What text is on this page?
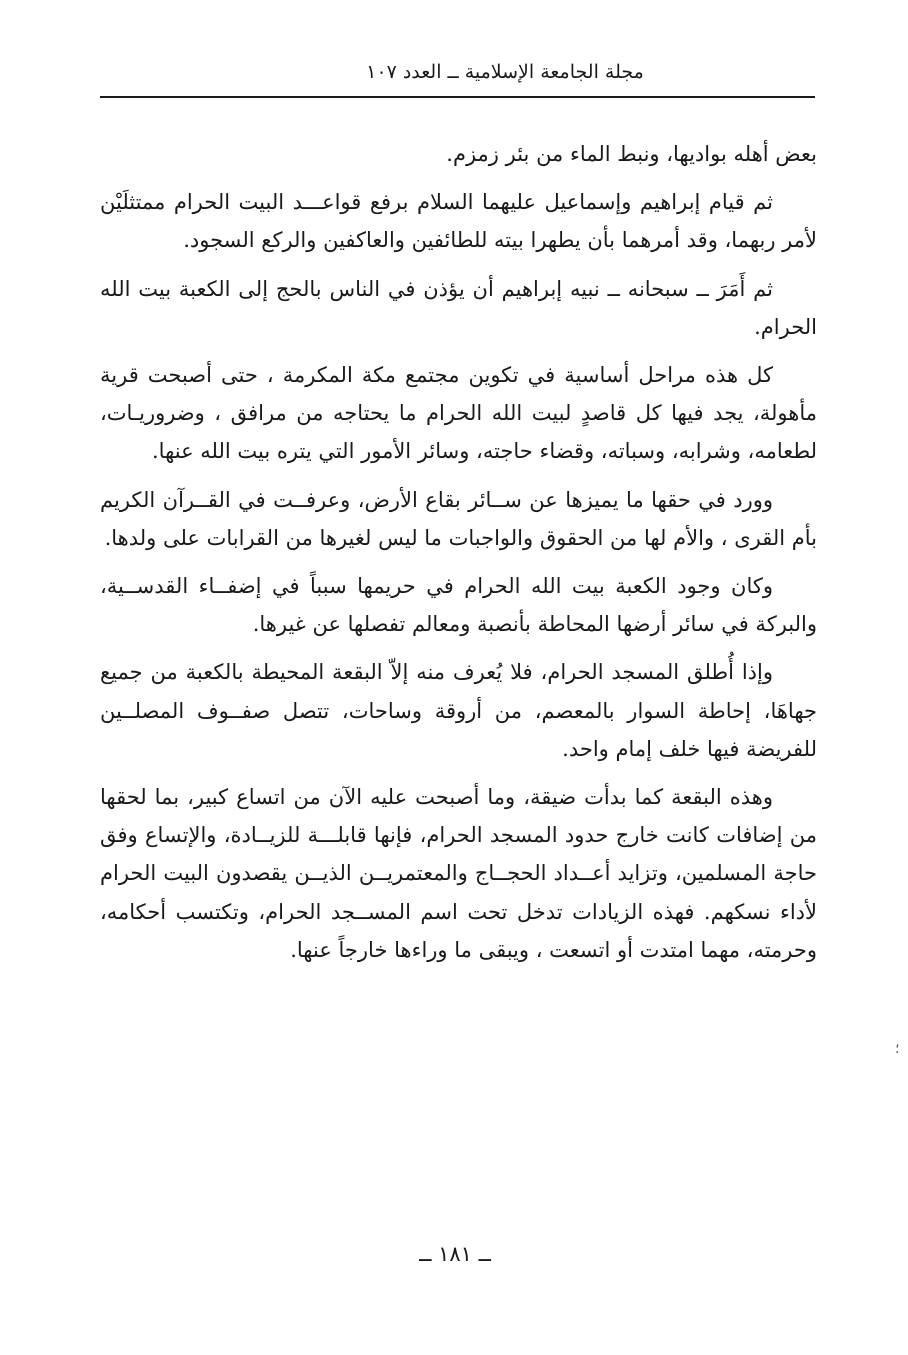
مجلة الجامعة الإسلامية ــ العدد ١٠٧

بعض أهله بواديها، ونبط الماء من بئر زمزم.

ثم قيام إبراهيم وإسماعيل عليهما السلام برفع قواعـــد البيت الحرام ممتثلَيْن لأمر ربهما، وقد أمرهما بأن يطهرا بيته للطائفين والعاكفين والركع السجود.

ثم أَمَرَ ــ سبحانه ــ نبيه إبراهيم أن يؤذن في الناس بالحج إلى الكعبة بيت الله الحرام.

كل هذه مراحل أساسية في تكوين مجتمع مكة المكرمة ، حتى أصبحت قرية مأهولة، يجد فيها كل قاصدٍ لبيت الله الحرام ما يحتاجه من مرافق ، وضروريـات، لطعامه، وشرابه، وسباته، وقضاء حاجته، وسائر الأمور التي يتره بيت الله عنها.

وورد في حقها ما يميزها عن ســائر بقاع الأرض، وعرفــت في القــرآن الكريم بأم القرى ، والأم لها من الحقوق والواجبات ما ليس لغيرها من القرابات على ولدها.

وكان وجود الكعبة بيت الله الحرام في حريمها سبباً في إضفــاء القدســية، والبركة في سائر أرضها المحاطة بأنصبة ومعالم تفصلها عن غيرها.

وإذا أُطلق المسجد الحرام، فلا يُعرف منه إلاّ البقعة المحيطة بالكعبة من جميع جهاهَا، إحاطة السوار بالمعصم، من أروقة وساحات، تتصل صفــوف المصلــين للفريضة فيها خلف إمام واحد.

وهذه البقعة كما بدأت ضيقة، وما أصبحت عليه الآن من اتساع كبير، بما لحقها من إضافات كانت خارج حدود المسجد الحرام، فإنها قابلـــة للزيــادة، والإتساع وفق حاجة المسلمين، وتزايد أعــداد الحجــاج والمعتمريــن الذيــن يقصدون البيت الحرام لأداء نسكهم. فهذه الزيادات تدخل تحت اسم المســجد الحرام، وتكتسب أحكامه، وحرمته، مهما امتدت أو اتسعت ، ويبقى ما وراءها خارجاً عنها.

ــ ١٨١ ــ
؛
